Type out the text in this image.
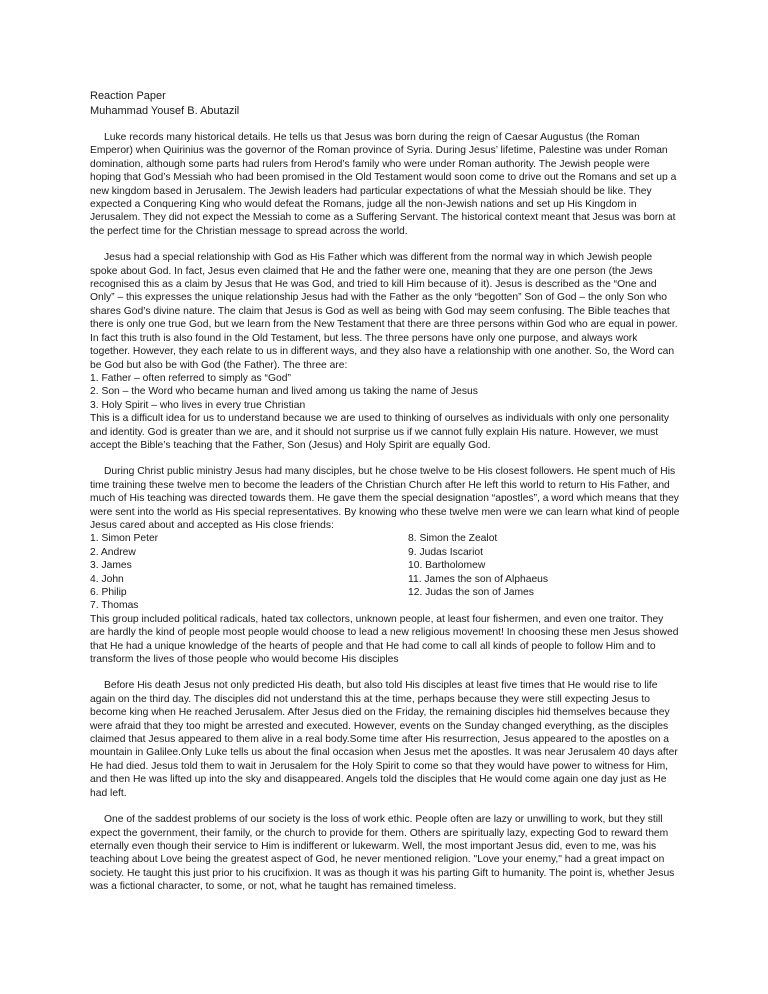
Reaction Paper
Muhammad Yousef B. Abutazil

Luke records many historical details. He tells us that Jesus was born during the reign of Caesar Augustus (the Roman Emperor) when Quirinius was the governor of the Roman province of Syria. During Jesus’ lifetime, Palestine was under Roman domination, although some parts had rulers from Herod’s family who were under Roman authority. The Jewish people were hoping that God’s Messiah who had been promised in the Old Testament would soon come to drive out the Romans and set up a new kingdom based in Jerusalem. The Jewish leaders had particular expectations of what the Messiah should be like. They expected a Conquering King who would defeat the Romans, judge all the non-Jewish nations and set up His Kingdom in Jerusalem. They did not expect the Messiah to come as a Suffering Servant. The historical context meant that Jesus was born at the perfect time for the Christian message to spread across the world.

Jesus had a special relationship with God as His Father which was different from the normal way in which Jewish people spoke about God. In fact, Jesus even claimed that He and the father were one, meaning that they are one person (the Jews recognised this as a claim by Jesus that He was God, and tried to kill Him because of it). Jesus is described as the “One and Only” – this expresses the unique relationship Jesus had with the Father as the only “begotten” Son of God – the only Son who shares God’s divine nature. The claim that Jesus is God as well as being with God may seem confusing. The Bible teaches that there is only one true God, but we learn from the New Testament that there are three persons within God who are equal in power. In fact this truth is also found in the Old Testament, but less. The three persons have only one purpose, and always work together. However, they each relate to us in different ways, and they also have a relationship with one another. So, the Word can be God but also be with God (the Father). The three are:

1. Father – often referred to simply as “God”
2. Son – the Word who became human and lived among us taking the name of Jesus
3. Holy Spirit – who lives in every true Christian

This is a difficult idea for us to understand because we are used to thinking of ourselves as individuals with only one personality and identity. God is greater than we are, and it should not surprise us if we cannot fully explain His nature. However, we must accept the Bible’s teaching that the Father, Son (Jesus) and Holy Spirit are equally God.

During Christ public ministry Jesus had many disciples, but he chose twelve to be His closest followers. He spent much of His time training these twelve men to become the leaders of the Christian Church after He left this world to return to His Father, and much of His teaching was directed towards them. He gave them the special designation “apostles”, a word which means that they were sent into the world as His special representatives. By knowing who these twelve men were we can learn what kind of people Jesus cared about and accepted as His close friends:

1. Simon Peter
2. Andrew
3. James
4. John
6. Philip
7. Thomas
8. Simon the Zealot
9. Judas Iscariot
10. Bartholomew
11. James the son of Alphaeus
12. Judas the son of James

This group included political radicals, hated tax collectors, unknown people, at least four fishermen, and even one traitor. They are hardly the kind of people most people would choose to lead a new religious movement! In choosing these men Jesus showed that He had a unique knowledge of the hearts of people and that He had come to call all kinds of people to follow Him and to transform the lives of those people who would become His disciples

Before His death Jesus not only predicted His death, but also told His disciples at least five times that He would rise to life again on the third day. The disciples did not understand this at the time, perhaps because they were still expecting Jesus to become king when He reached Jerusalem. After Jesus died on the Friday, the remaining disciples hid themselves because they were afraid that they too might be arrested and executed. However, events on the Sunday changed everything, as the disciples claimed that Jesus appeared to them alive in a real body.Some time after His resurrection, Jesus appeared to the apostles on a mountain in Galilee.Only Luke tells us about the final occasion when Jesus met the apostles. It was near Jerusalem 40 days after He had died. Jesus told them to wait in Jerusalem for the Holy Spirit to come so that they would have power to witness for Him, and then He was lifted up into the sky and disappeared. Angels told the disciples that He would come again one day just as He had left.

One of the saddest problems of our society is the loss of work ethic. People often are lazy or unwilling to work, but they still expect the government, their family, or the church to provide for them. Others are spiritually lazy, expecting God to reward them eternally even though their service to Him is indifferent or lukewarm. Well, the most important Jesus did, even to me, was his teaching about Love being the greatest aspect of God, he never mentioned religion. "Love your enemy," had a great impact on society. He taught this just prior to his crucifixion. It was as though it was his parting Gift to humanity. The point is, whether Jesus was a fictional character, to some, or not, what he taught has remained timeless.
